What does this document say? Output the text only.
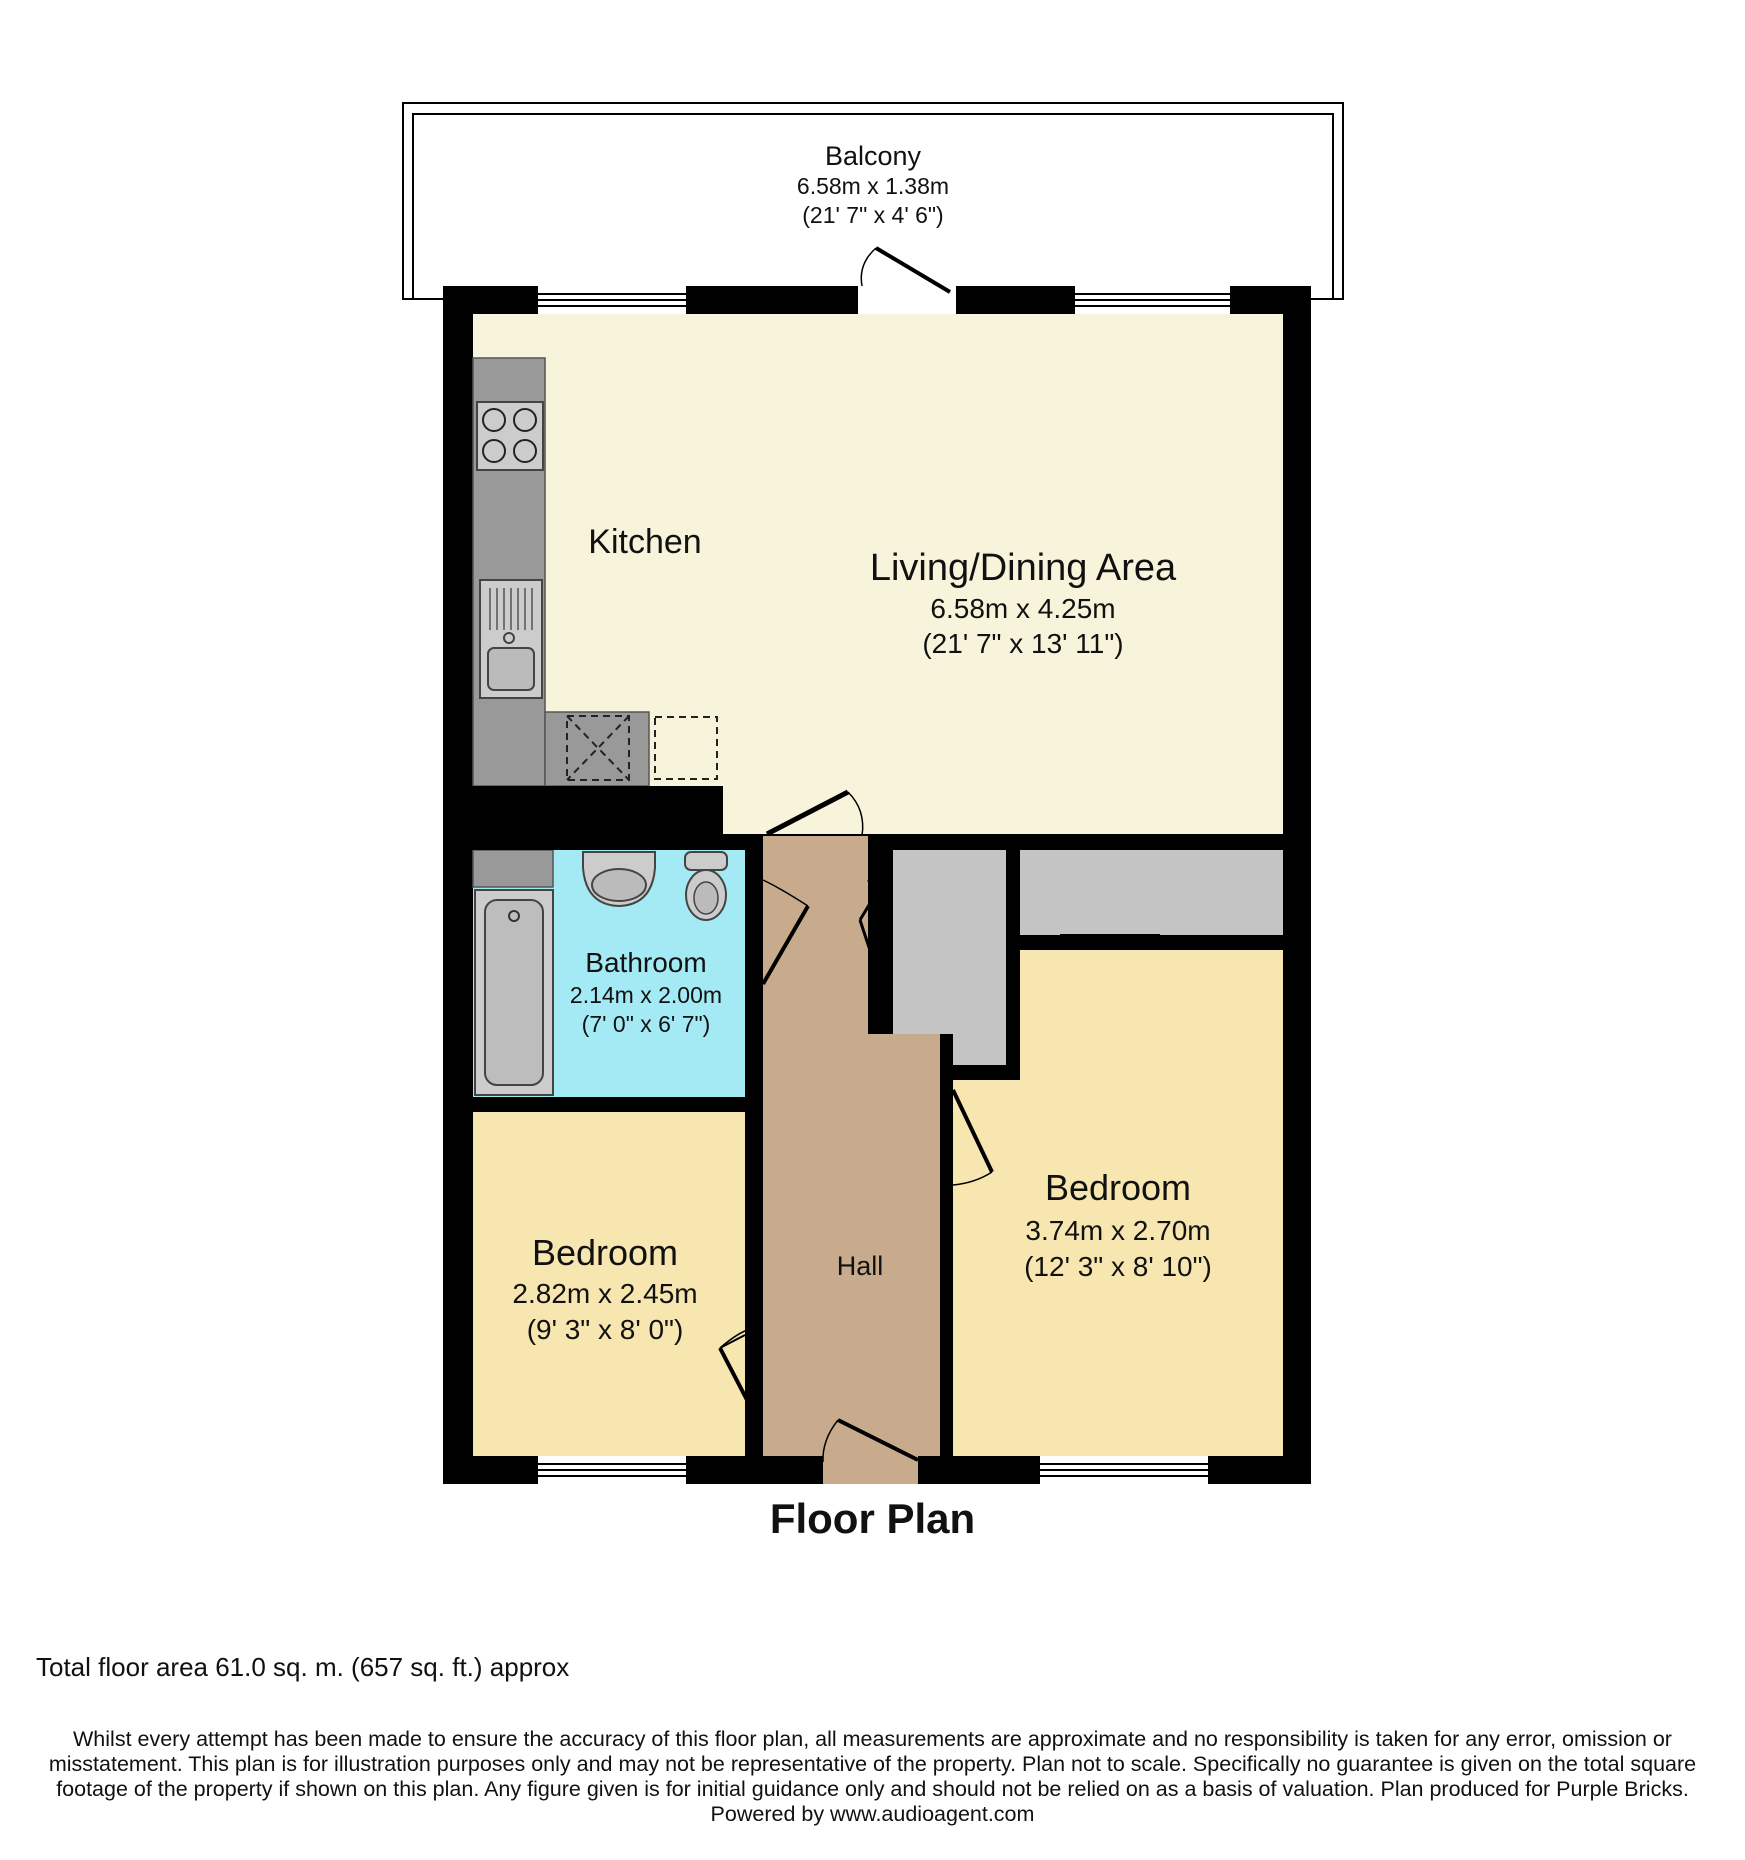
Balcony
6.58m x 1.38m
(21' 7" x 4' 6")
Kitchen
Living/Dining Area
6.58m x 4.25m
(21' 7" x 13' 11")
Bathroom
2.14m x 2.00m
(7' 0" x 6' 7")
Bedroom
2.82m x 2.45m
(9' 3" x 8' 0")
Hall
Bedroom
3.74m x 2.70m
(12' 3" x 8' 10")
Floor Plan
Total floor area 61.0 sq. m. (657 sq. ft.) approx
Whilst every attempt has been made to ensure the accuracy of this floor plan, all measurements are approximate and no responsibility is taken for any error, omission or misstatement. This plan is for illustration purposes only and may not be representative of the property. Plan not to scale. Specifically no guarantee is given on the total square footage of the property if shown on this plan. Any figure given is for initial guidance only and should not be relied on as a basis of valuation. Plan produced for Purple Bricks. Powered by www.audioagent.com
